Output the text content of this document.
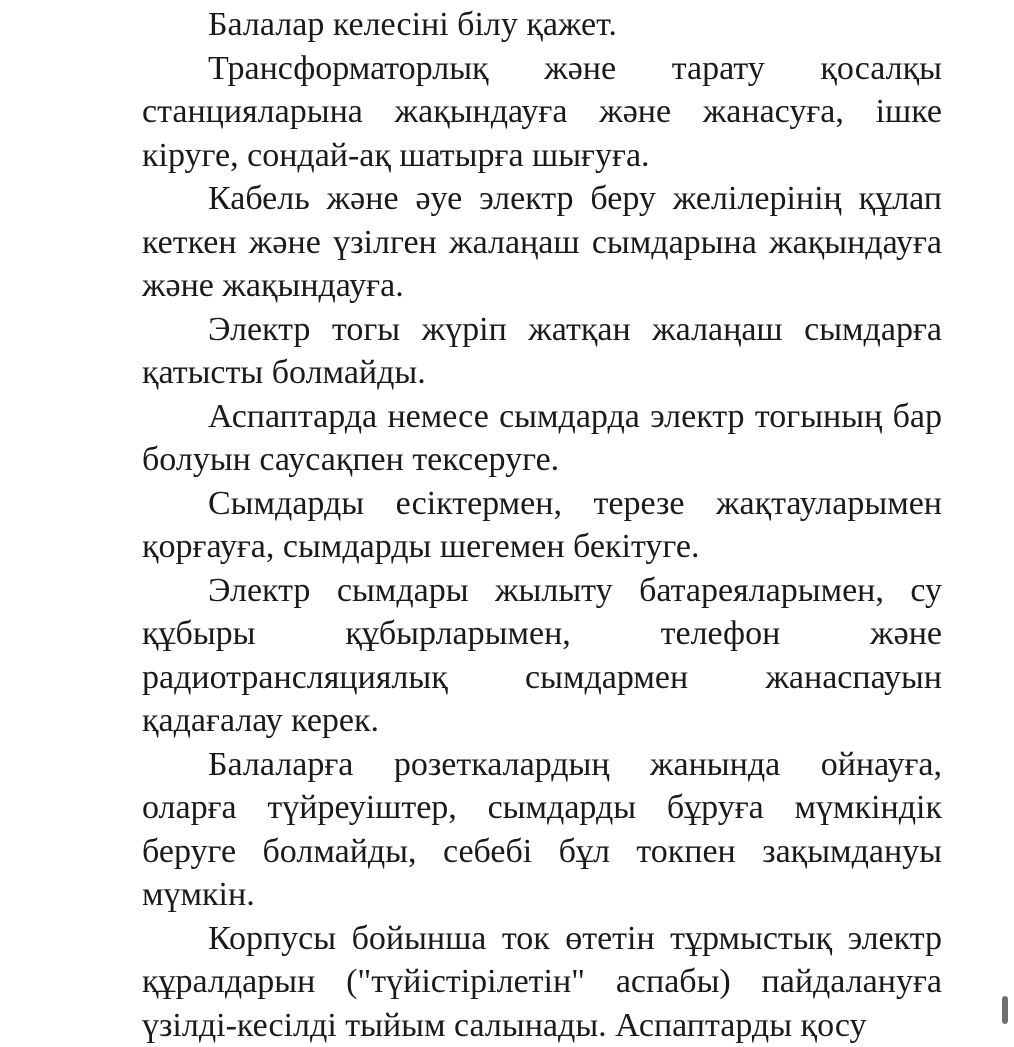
Балалар келесіні білу қажет.

Трансформаторлық және тарату қосалқы станцияларына жақындауға және жанасуға, ішке кіруге, сондай-ақ шатырға шығуға.

Кабель және әуе электр беру желілерінің құлап кеткен және үзілген жалаңаш сымдарына жақындауға және жақындауға.

Электр тогы жүріп жатқан жалаңаш сымдарға қатысты болмайды.

Аспаптарда немесе сымдарда электр тогының бар болуын саусақпен тексеруге.

Сымдарды есіктермен, терезе жақтауларымен қорғауға, сымдарды шегемен бекітуге.

Электр сымдары жылыту батареяларымен, су құбыры құбырларымен, телефон және радиотрансляциялық сымдармен жанаспауын қадағалау керек.

Балаларға розеткалардың жанында ойнауға, оларға түйреуіштер, сымдарды бұруға мүмкіндік беруге болмайды, себебі бұл токпен зақымдануы мүмкін.

Корпусы бойынша ток өтетін тұрмыстық электр құралдарын ("түйістірілетін" аспабы) пайдалануға үзілді-кесілді тыйым салынады. Аспаптарды қосу
